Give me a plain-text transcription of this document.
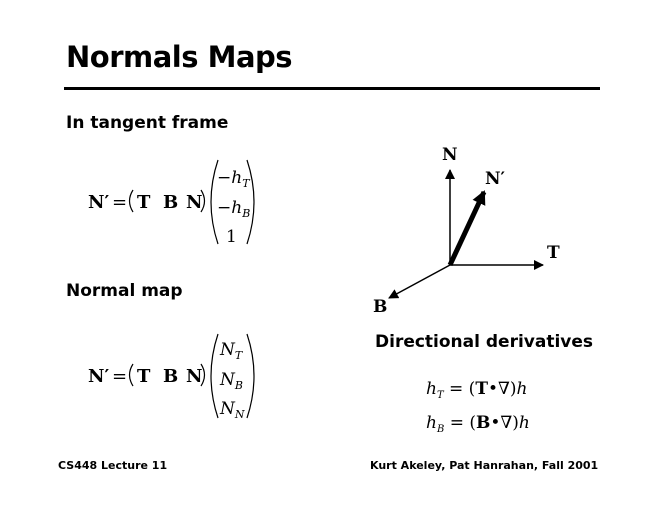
Normals Maps
In tangent frame
Normal map
Directional derivatives
N′ = T B N
$-h_T$
$-h_B$
1
N′ = T B N
$N_T$
$N_B$
$N_N$
N
N′
T
B
$h_T$ = (T•∇)h
$h_B$ = (B•∇)h
CS448 Lecture 11	Kurt Akeley, Pat Hanrahan, Fall 2001
